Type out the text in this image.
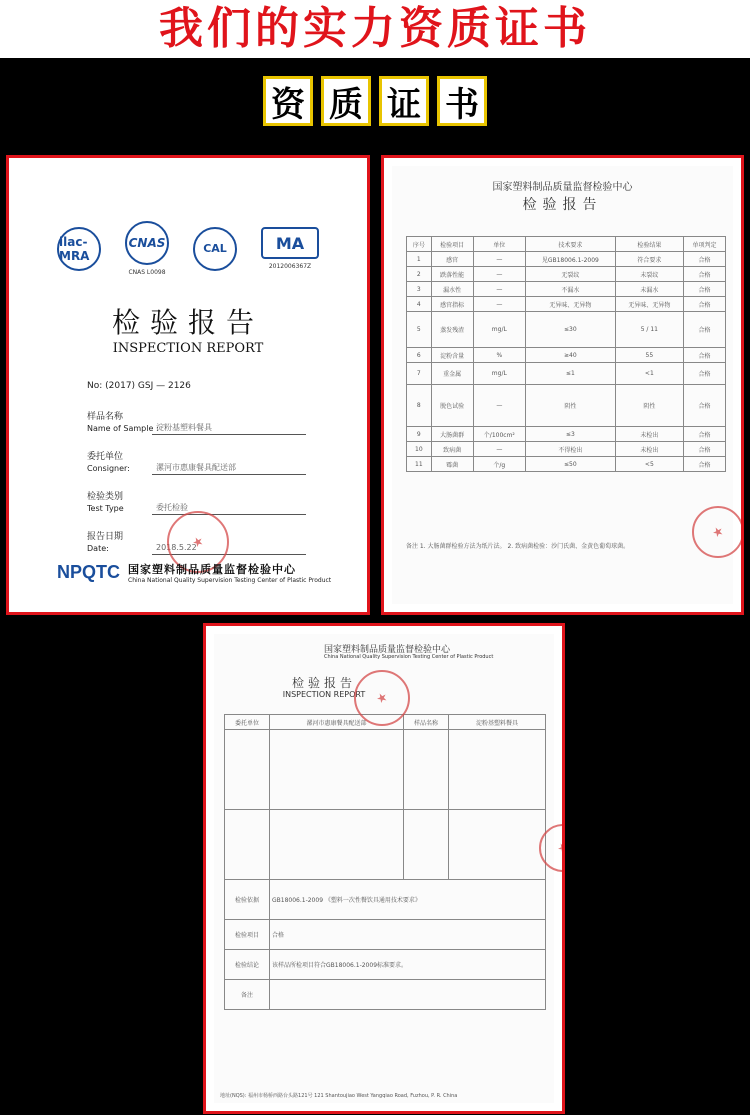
我们的实力资质证书
资 质 证 书
ilac-MRA
CNAS
CNAS L0098
CAL	MA
2012006367Z
检验报告
INSPECTION REPORT
No: (2017) GSJ — 2126
样品名称
Name of Sample :
淀粉基塑料餐具
委托单位
Consigner:	漯河市惠康餐具配送部
检验类别
Test Type	委托检验
报告日期
Date:	2018.5.22
NPQTC 国家塑料制品质量监督检验中心
China National Quality Supervision Testing Center of Plastic Product
国家塑料制品质量监督检验中心
检验报告
序号	检验项目	单位	技术要求	检验结果	单项判定
1	感官	—	见GB18006.1-2009	符合要求	合格
2	跌落性能	—	无裂纹	未裂纹	合格
3	漏水性	—	不漏水	未漏水	合格
4	感官指标	—	无异味、无异物	无异味、无异物	合格
5	蒸发残渣	mg/L	≤30	5 / 11	合格
6	淀粉含量	%	≥40	55	合格
7	重金属	mg/L	≤1	<1	合格
8	脱色试验	—	阴性	阴性	合格
9	大肠菌群	个/100cm²	≤3	未检出	合格
10	致病菌	—	不得检出	未检出	合格
11	霉菌	个/g	≤50	<5	合格
备注 1. 大肠菌群检验方法为纸片法。 2. 致病菌检验：沙门氏菌、金黄色葡萄球菌。
国家塑料制品质量监督检验中心
China National Quality Supervision Testing Center of Plastic Product
检验报告
INSPECTION REPORT
委托单位	漯河市惠康餐具配送部	样品名称	淀粉基塑料餐具

检验依据	GB18006.1-2009 《塑料一次性餐饮具通用技术要求》		
检验项目	合格		
检验结论	该样品所检项目符合GB18006.1-2009标准要求。		
备注			
地址(NQS): 福州市杨桥西路台头路121号 121 Shantoujiao West Yangqiao Road, Fuzhou, P. R. China
